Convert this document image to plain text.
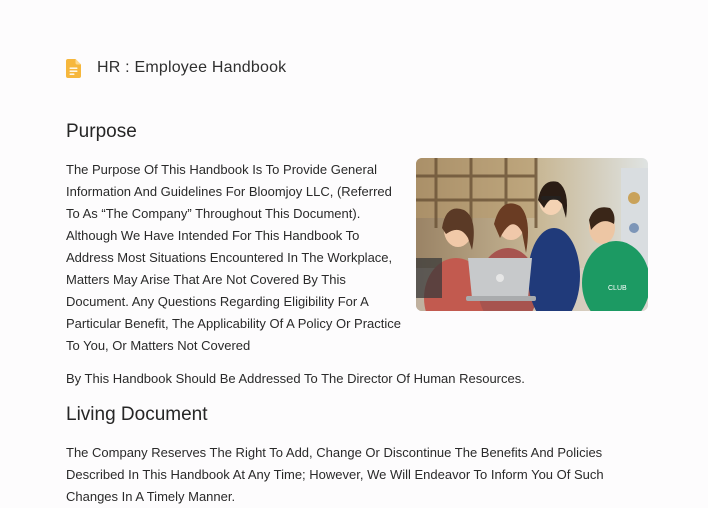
HR : Employee Handbook
Purpose
The Purpose Of This Handbook Is To Provide General Information And Guidelines For Bloomjoy LLC, (Referred To As “The Company” Throughout This Document). Although We Have Intended For This Handbook To Address Most Situations Encountered In The Workplace, Matters May Arise That Are Not Covered By This Document. Any Questions Regarding Eligibility For A Particular Benefit, The Applicability Of A Policy Or Practice To You, Or Matters Not Covered
CLUB
By This Handbook Should Be Addressed To The Director Of Human Resources.
Living Document
The Company Reserves The Right To Add, Change Or Discontinue The Benefits And Policies Described In This Handbook At Any Time; However, We Will Endeavor To Inform You Of Such Changes In A Timely Manner.
